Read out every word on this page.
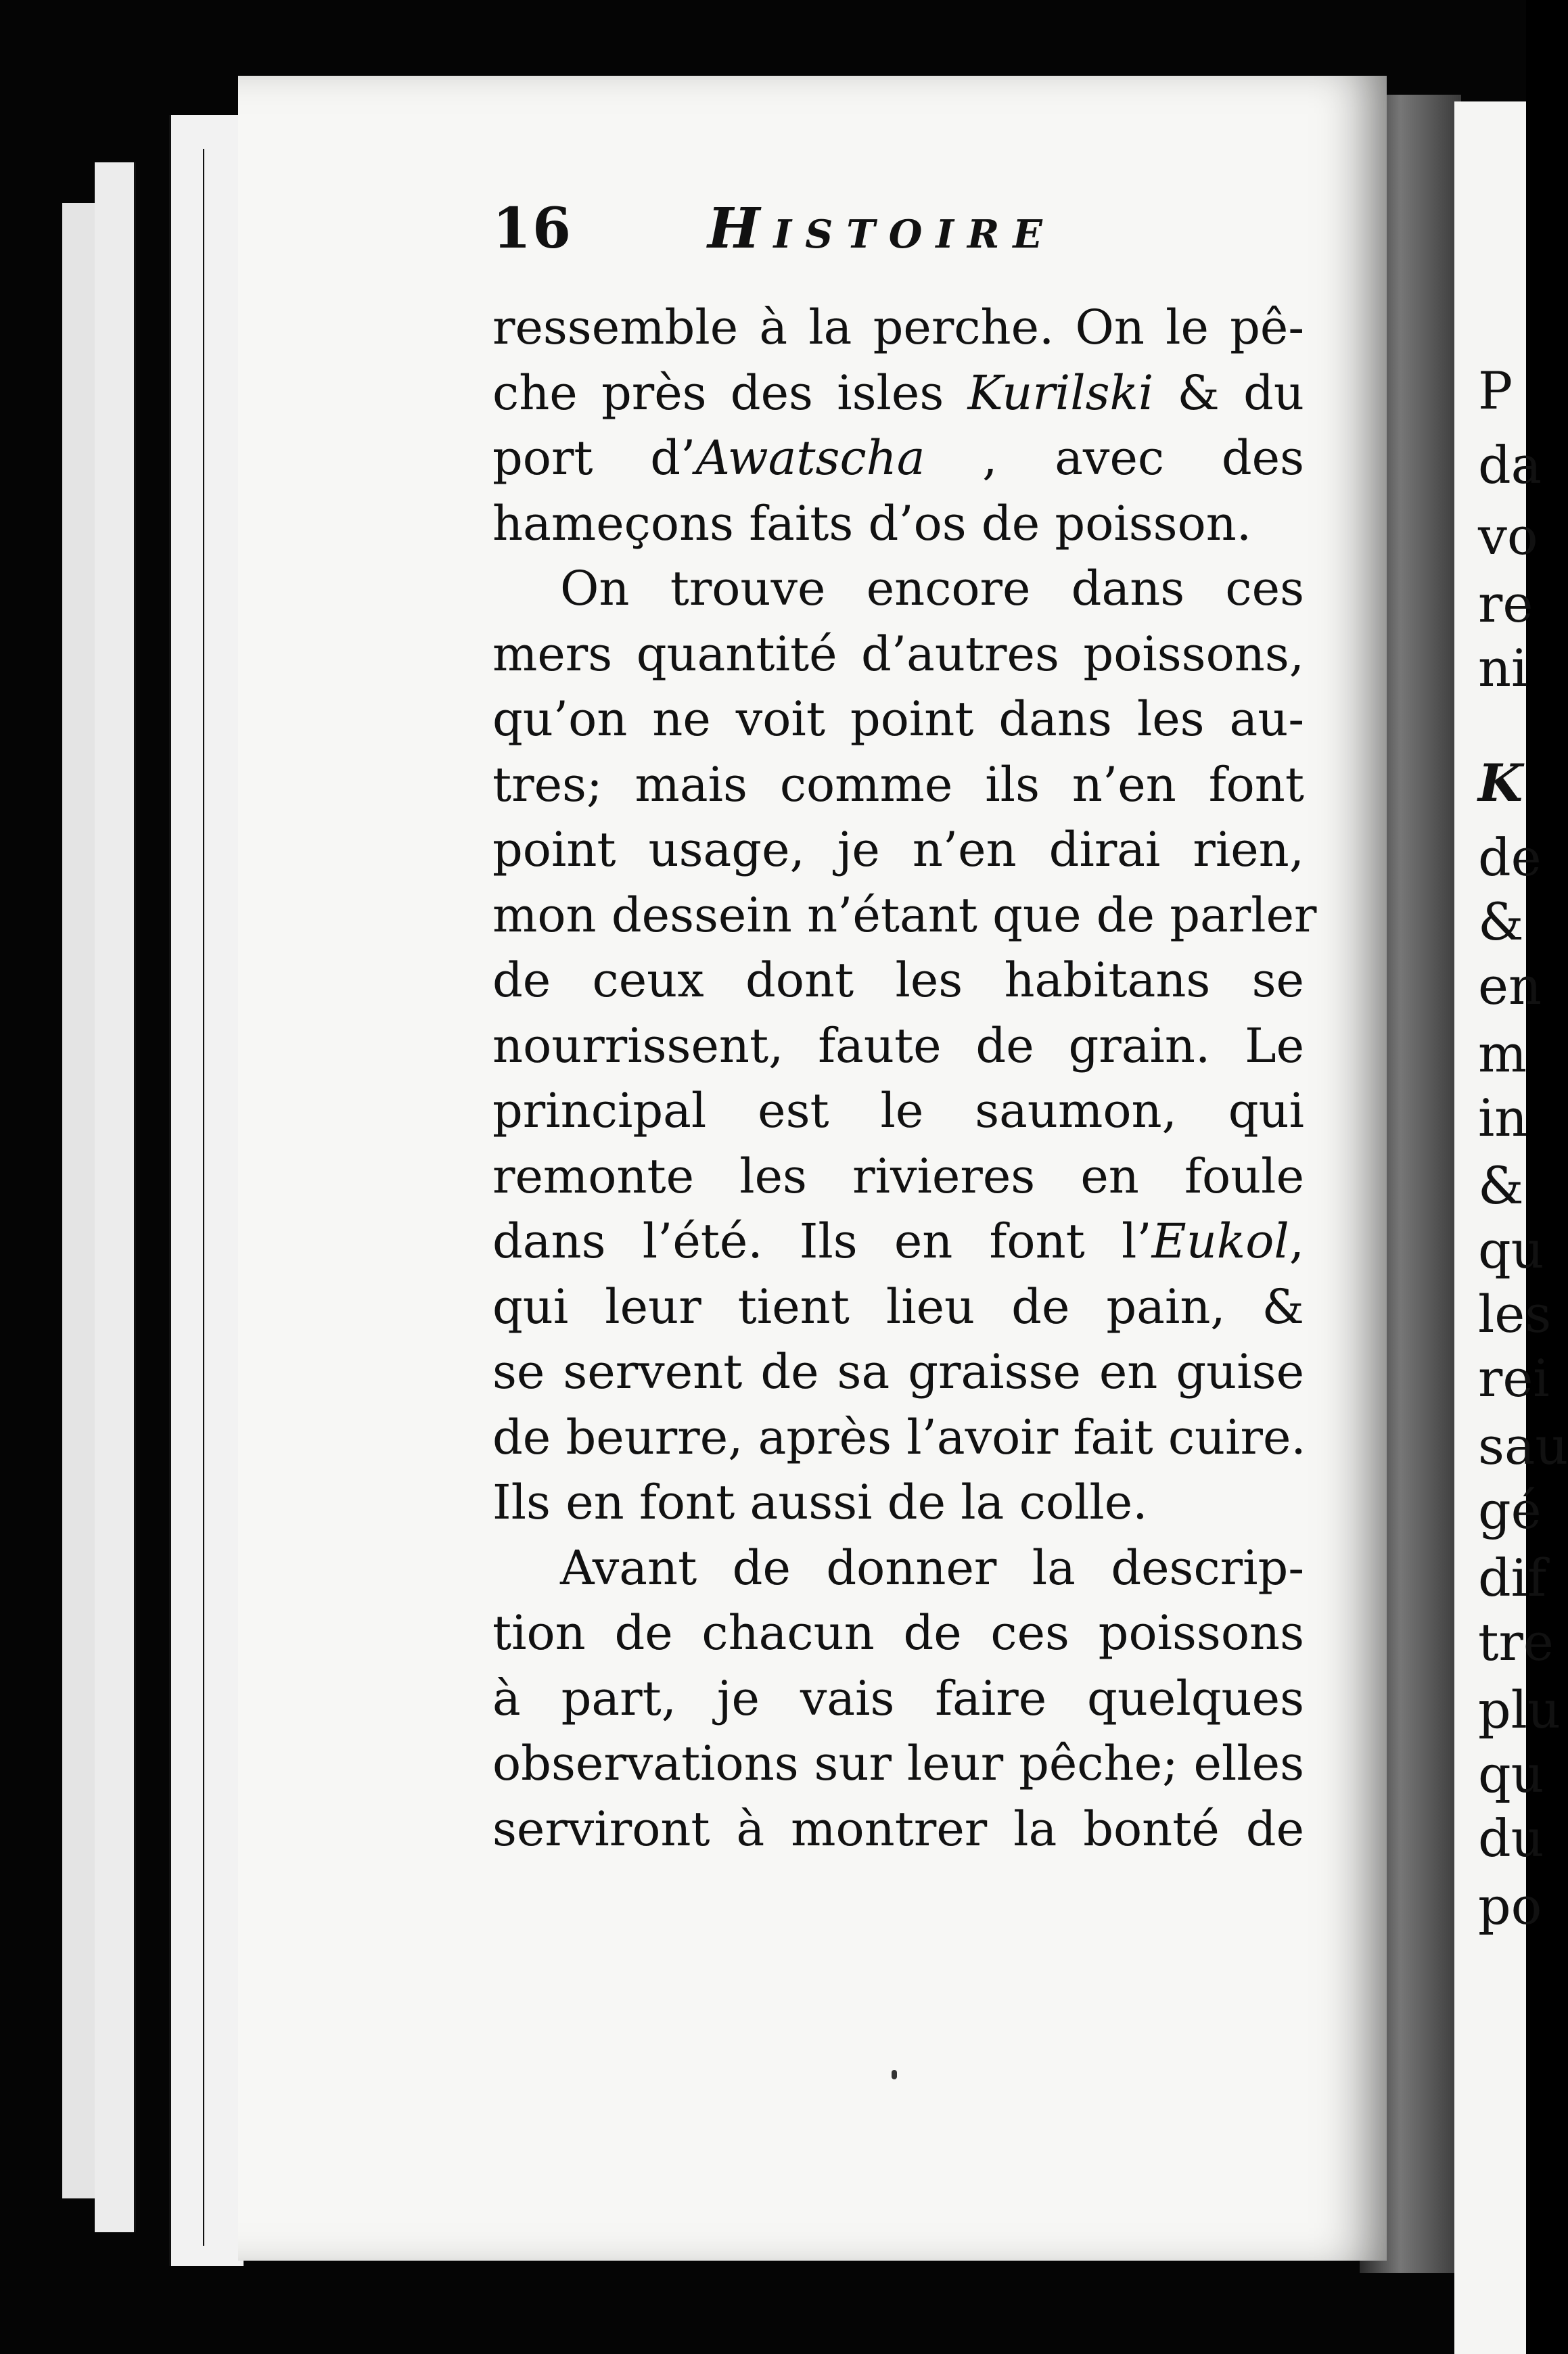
P
da
vo
re
ni
K
de
&
en
m
in
&
qu
les
rei
sau
gé
dif
tre
plu
qu
du
po
16 Histoire
ressemble à la perche. On le pê-
che près des isles Kurilski & du
port d’Awatscha , avec des
hameçons faits d’os de poisson.
On trouve encore dans ces
mers quantité d’autres poissons,
qu’on ne voit point dans les au-
tres; mais comme ils n’en font
point usage, je n’en dirai rien,
mon dessein n’étant que de parler
de ceux dont les habitans se
nourrissent, faute de grain. Le
principal est le saumon, qui
remonte les rivieres en foule
dans l’été. Ils en font l’Eukol,
qui leur tient lieu de pain, &
se servent de sa graisse en guise
de beurre, après l’avoir fait cuire.
Ils en font aussi de la colle.
Avant de donner la descrip-
tion de chacun de ces poissons
à part, je vais faire quelques
observations sur leur pêche; elles
serviront à montrer la bonté de
